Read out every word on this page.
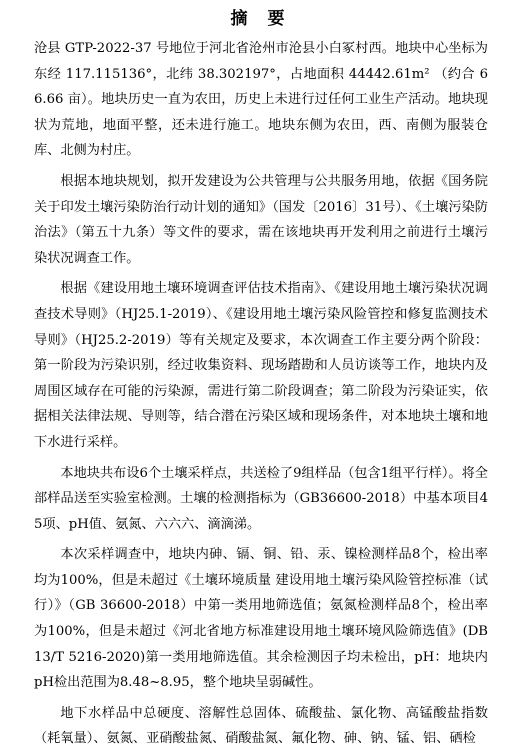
摘 要

沧县 GTP-2022-37 号地位于河北省沧州市沧县小白冢村西。地块中心坐标为东经 117.115136°，北纬 38.302197°，占地面积 44442.61m² （约合 66.66 亩）。地块历史一直为农田，历史上未进行过任何工业生产活动。地块现状为荒地，地面平整，还未进行施工。地块东侧为农田，西、南侧为服装仓库、北侧为村庄。

根据本地块规划，拟开发建设为公共管理与公共服务用地，依据《国务院关于印发土壤污染防治行动计划的通知》（国发〔2016〕31号）、《土壤污染防治法》（第五十九条）等文件的要求，需在该地块再开发利用之前进行土壤污染状况调查工作。

根据《建设用地土壤环境调查评估技术指南》、《建设用地土壤污染状况调查技术导则》（HJ25.1-2019）、《建设用地土壤污染风险管控和修复监测技术导则》（HJ25.2-2019）等有关规定及要求，本次调查工作主要分两个阶段：第一阶段为污染识别，经过收集资料、现场踏勘和人员访谈等工作，地块内及周围区域存在可能的污染源，需进行第二阶段调查；第二阶段为污染证实，依据相关法律法规、导则等，结合潜在污染区域和现场条件，对本地块土壤和地下水进行采样。

本地块共布设6个土壤采样点，共送检了9组样品（包含1组平行样）。将全部样品送至实验室检测。土壤的检测指标为（GB36600-2018）中基本项目45项、pH值、氨氮、六六六、滴滴涕。

本次采样调查中，地块内砷、镉、铜、铅、汞、镍检测样品8个，检出率均为100%，但是未超过《土壤环境质量 建设用地土壤污染风险管控标准（试行）》（GB 36600-2018）中第一类用地筛选值；氨氮检测样品8个，检出率为100%，但是未超过《河北省地方标准建设用地土壤环境风险筛选值》(DB 13/T 5216-2020)第一类用地筛选值。其余检测因子均未检出，pH：地块内pH检出范围为8.48~8.95，整个地块呈弱碱性。

地下水样品中总硬度、溶解性总固体、硫酸盐、氯化物、高锰酸盐指数（耗氧量）、氨氮、亚硝酸盐氮、硝酸盐氮、氟化物、砷、钠、锰、铝、硒检
